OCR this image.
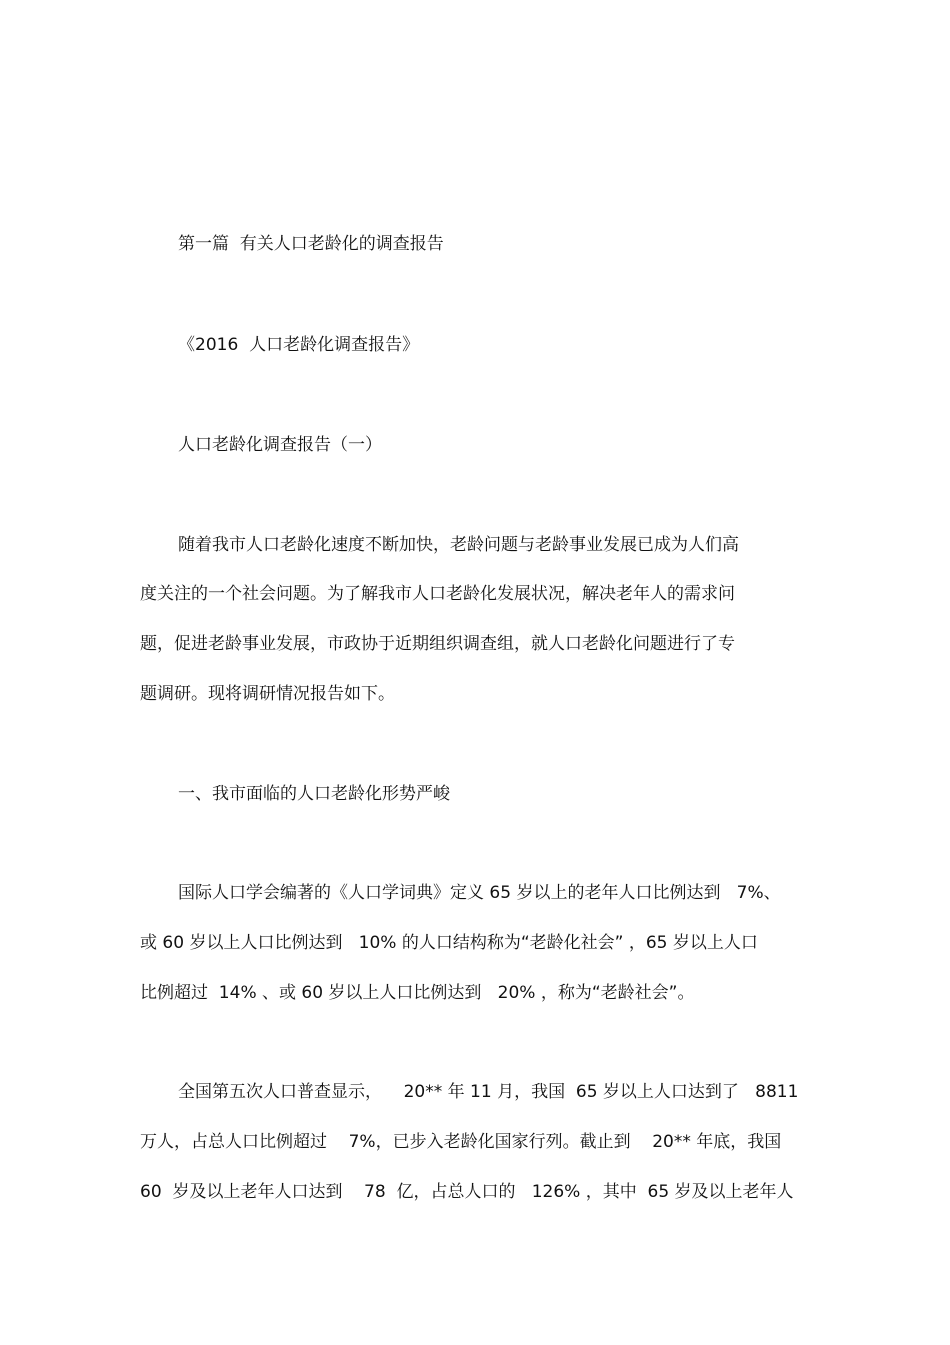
第一篇  有关人口老龄化的调查报告
《2016  人口老龄化调查报告》
人口老龄化调查报告（一）
随着我市人口老龄化速度不断加快，老龄问题与老龄事业发展已成为人们高
度关注的一个社会问题。为了解我市人口老龄化发展状况，解决老年人的需求问
题，促进老龄事业发展，市政协于近期组织调查组，就人口老龄化问题进行了专
题调研。现将调研情况报告如下。
一、我市面临的人口老龄化形势严峻
国际人口学会编著的《人口学词典》定义 65 岁以上的老年人口比例达到   7%、
或 60 岁以上人口比例达到   10% 的人口结构称为“老龄化社会” ，65 岁以上人口
比例超过  14% 、或 60 岁以上人口比例达到   20% ，称为“老龄社会”。
全国第五次人口普查显示，    20** 年 11 月，我国  65 岁以上人口达到了   8811
万人，占总人口比例超过    7%，已步入老龄化国家行列。截止到    20** 年底，我国
60  岁及以上老年人口达到    78  亿，占总人口的   126% ，其中  65 岁及以上老年人
